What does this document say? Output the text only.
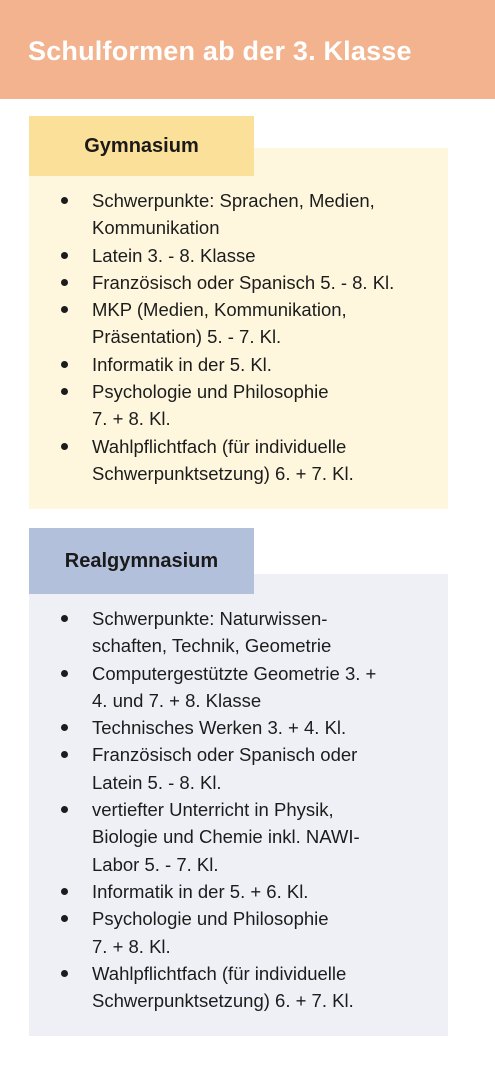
Schulformen ab der 3. Klasse
Gymnasium
Schwerpunkte: Sprachen, Medien,
Kommunikation
Latein 3. - 8. Klasse
Französisch oder Spanisch 5. - 8. Kl.
MKP (Medien, Kommunikation,
Präsentation) 5. - 7. Kl.
Informatik in der 5. Kl.
Psychologie und Philosophie
7. + 8. Kl.
Wahlpflichtfach (für individuelle
Schwerpunktsetzung) 6. + 7. Kl.
Realgymnasium
Schwerpunkte: Naturwissen-
schaften, Technik, Geometrie
Computergestützte Geometrie 3. +
4. und 7. + 8. Klasse
Technisches Werken 3. + 4. Kl.
Französisch oder Spanisch oder
Latein 5. - 8. Kl.
vertiefter Unterricht in Physik,
Biologie und Chemie inkl. NAWI-
Labor 5. - 7. Kl.
Informatik in der 5. + 6. Kl.
Psychologie und Philosophie
7. + 8. Kl.
Wahlpflichtfach (für individuelle
Schwerpunktsetzung) 6. + 7. Kl.
